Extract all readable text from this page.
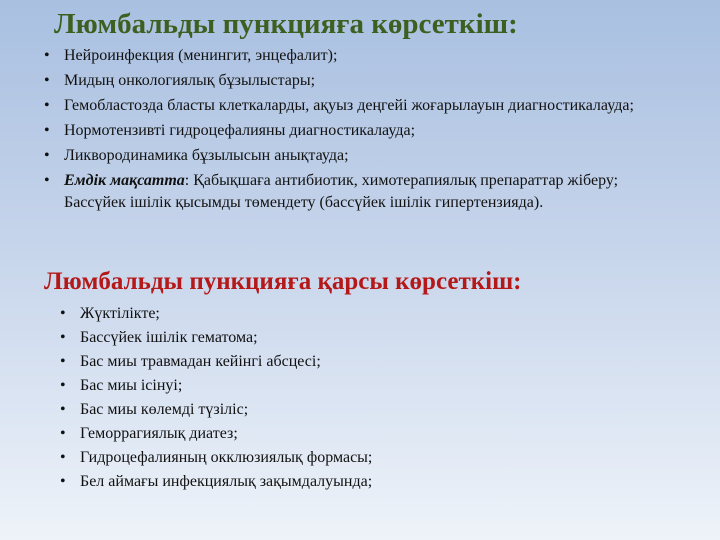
Люмбальды пункцияға көрсеткіш:
• Нейроинфекция (менингит, энцефалит);
• Мидың онкологиялық бұзылыстары;
• Гемобластозда бласты клеткаларды, ақуыз деңгейі жоғарылауын диагностикалауда;
• Нормотензивті гидроцефалияны диагностикалауда;
• Ликвородинамика бұзылысын анықтауда;
• Емдік мақсатта: Қабықшаға антибиотик, химотерапиялық препараттар жіберу; Бассүйек ішілік қысымды төмендету (бассүйек ішілік гипертензияда).
Люмбальды пункцияға қарсы көрсеткіш:
• Жүктілікте;
• Бассүйек ішілік гематома;
• Бас миы травмадан кейінгі абсцесі;
• Бас миы ісінуі;
• Бас миы көлемді түзіліс;
• Геморрагиялық диатез;
• Гидроцефалияның окклюзиялық формасы;
• Бел аймағы инфекциялық зақымдалуында;
